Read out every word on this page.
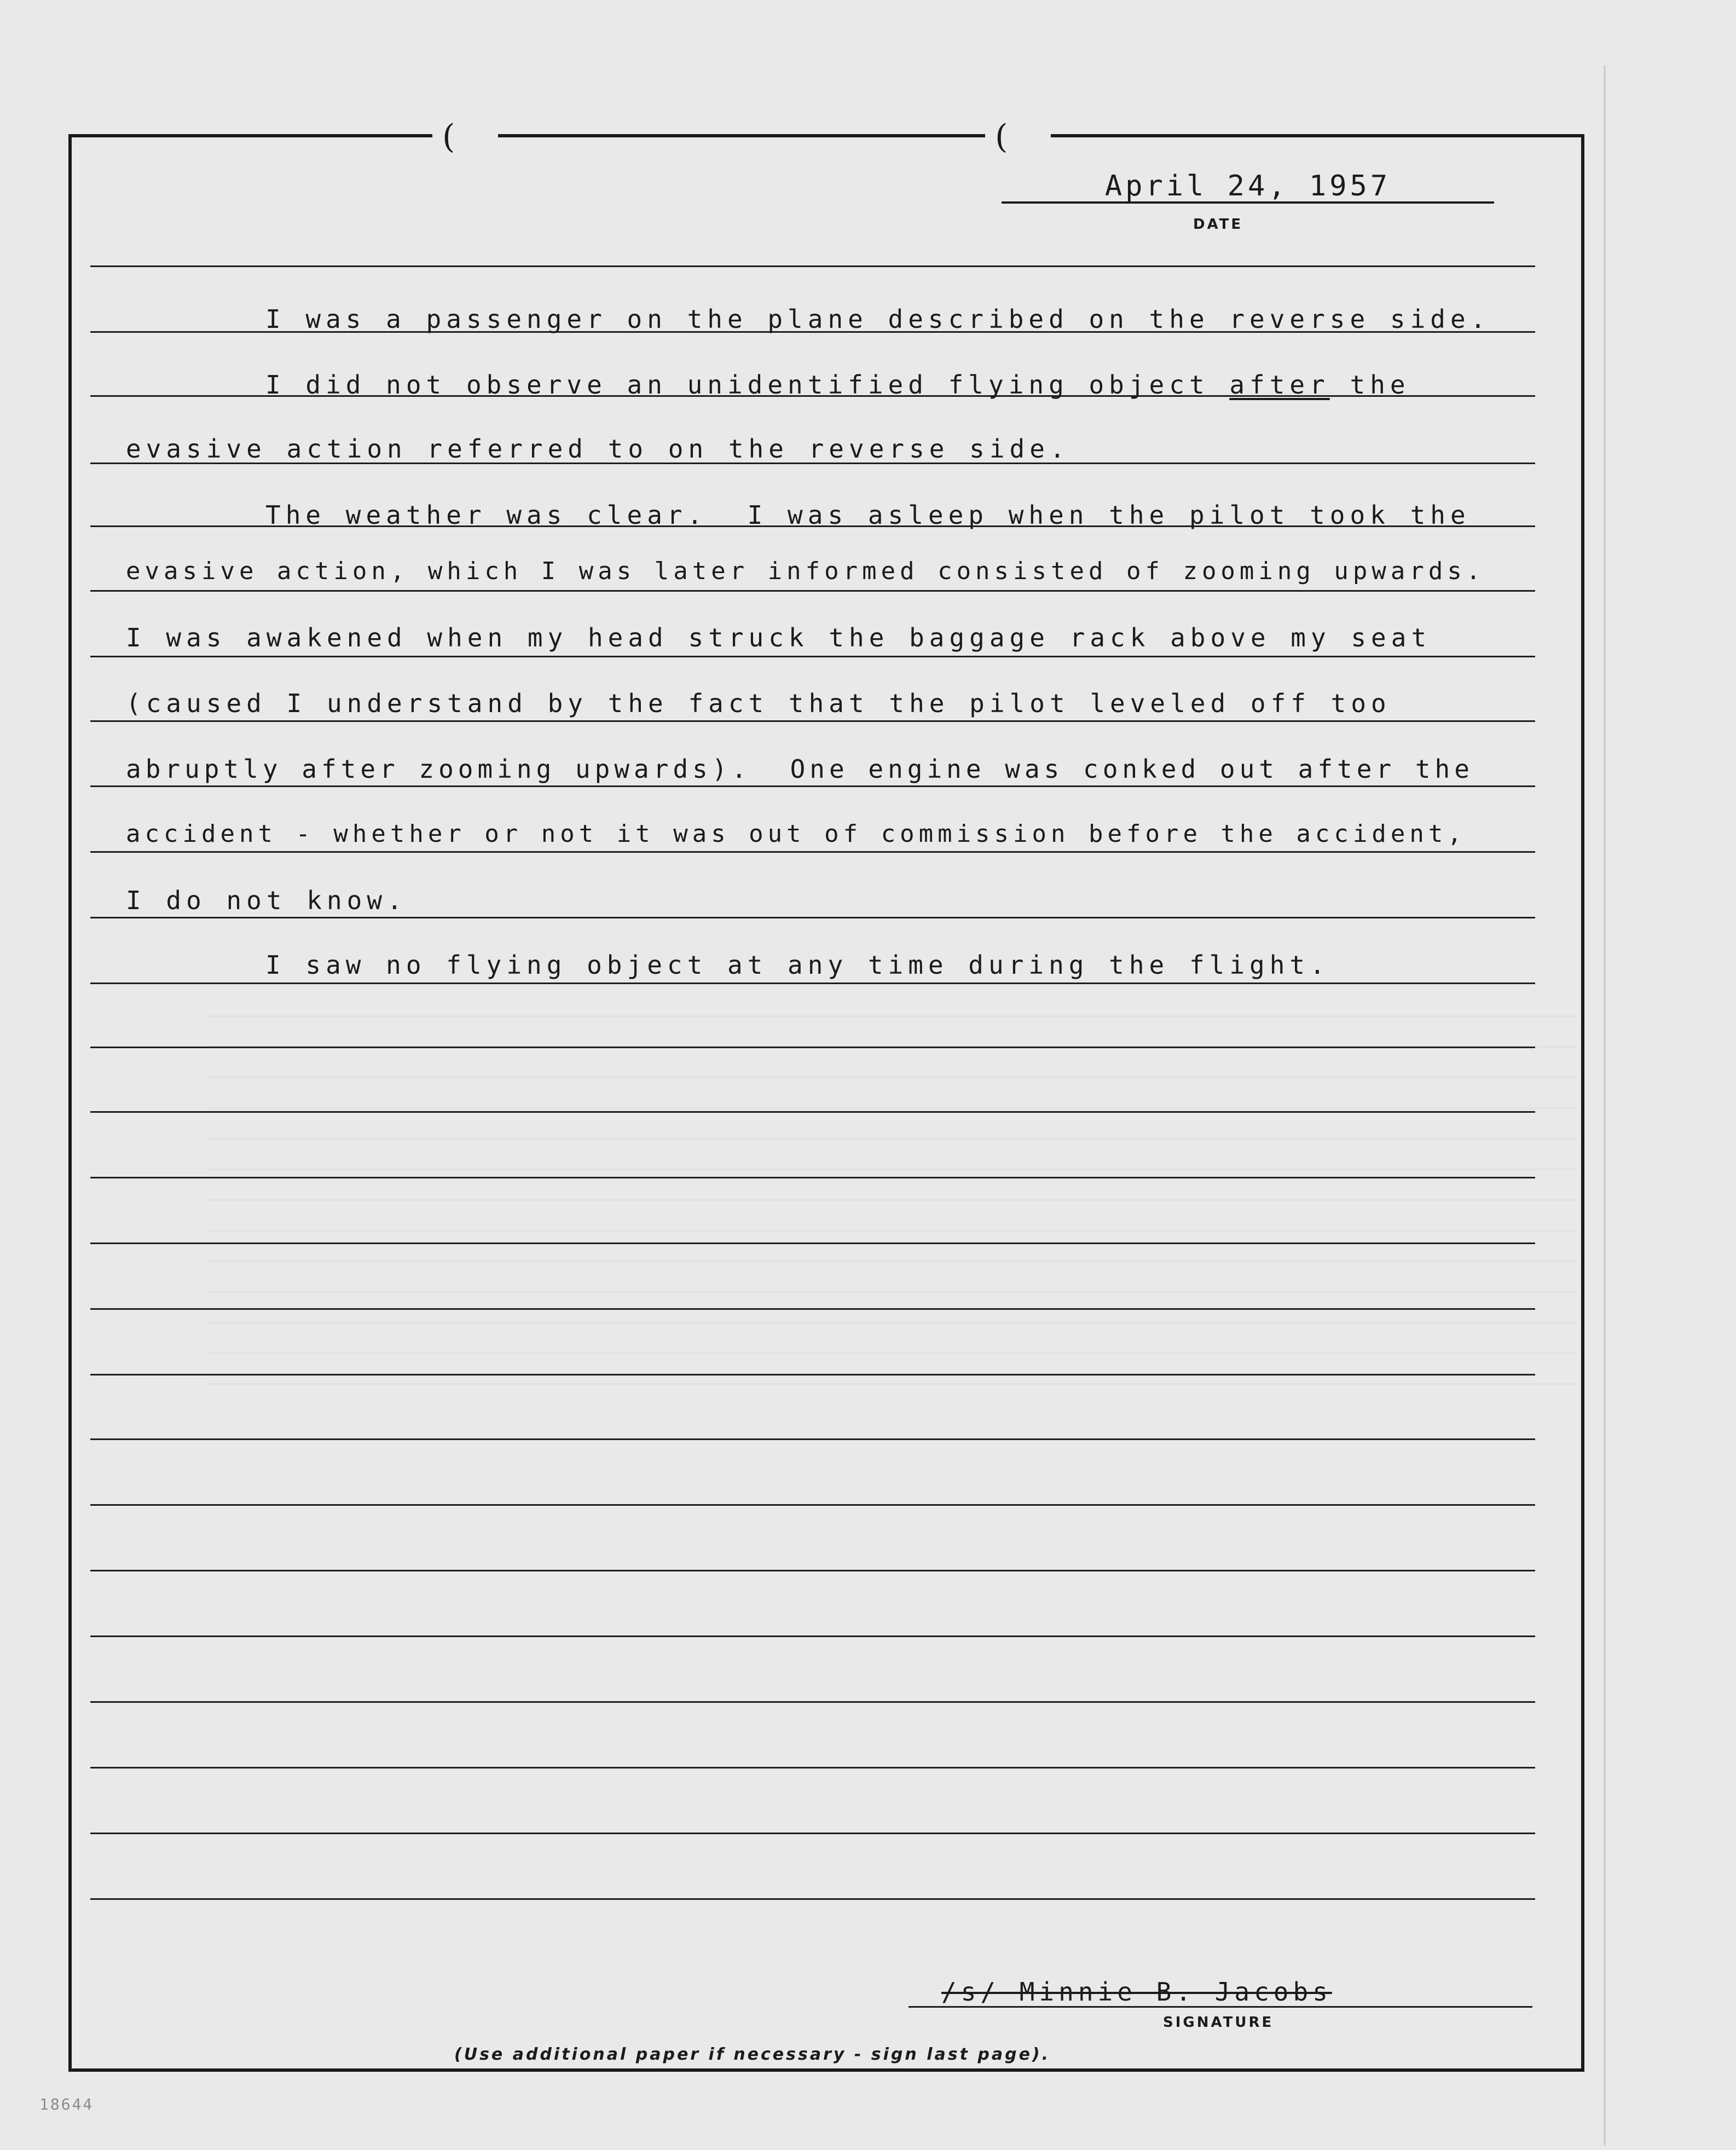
(	(
April 24, 1957
DATE
I was a passenger on the plane described on the reverse side.
I did not observe an unidentified flying object after the
evasive action referred to on the reverse side.
The weather was clear.  I was asleep when the pilot took the
evasive action, which I was later informed consisted of zooming upwards.
I was awakened when my head struck the baggage rack above my seat
(caused I understand by the fact that the pilot leveled off too
abruptly after zooming upwards).  One engine was conked out after the
accident - whether or not it was out of commission before the accident,
I do not know.
I saw no flying object at any time during the flight.
/s/ Minnie B. Jacobs
SIGNATURE
(Use additional paper if necessary - sign last page).
18644
